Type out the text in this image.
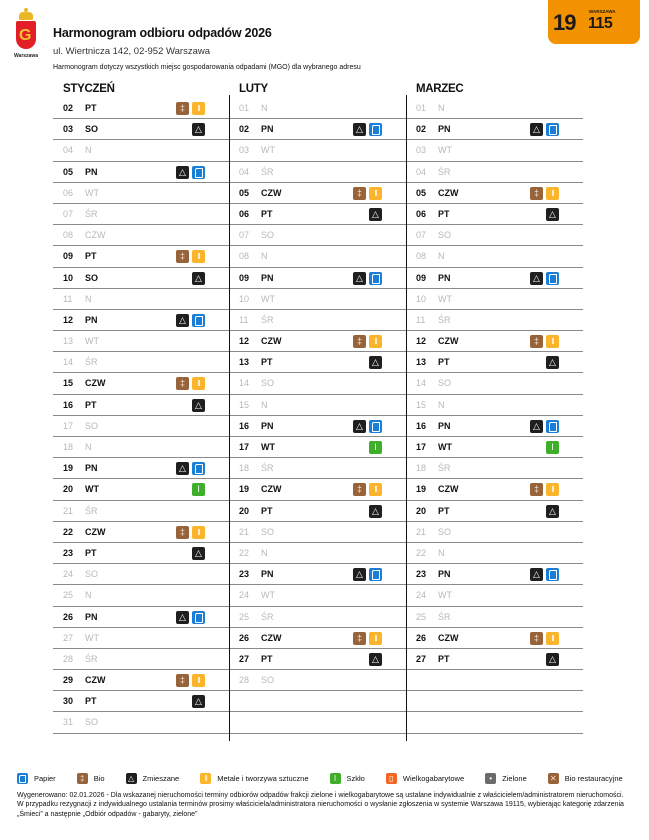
G
Warszawa
Harmonogram odbioru odpadów 2026
ul. Wiertnicza 142, 02-952 Warszawa
Harmonogram dotyczy wszystkich miejsc gospodarowania odpadami (MGO) dla wybranego adresu
19	WARSZAWA
115
STYCZEŃ
02	PT
‡
ǀǀ
03	SO
△
04	N
05	PN
△
06	WT
07	ŚR
08	CZW
09	PT
‡
ǀǀ
10	SO
△
11	N
12	PN
△
13	WT
14	ŚR
15	CZW
‡
ǀǀ
16	PT
△
17	SO
18	N
19	PN
△
20	WT
ǀ
21	ŚR
22	CZW
‡
ǀǀ
23	PT
△
24	SO
25	N
26	PN
△
27	WT
28	ŚR
29	CZW
‡
ǀǀ
30	PT
△
31	SO
LUTY
01	N
02	PN
△
03	WT
04	ŚR
05	CZW
‡
ǀǀ
06	PT
△
07	SO
08	N
09	PN
△
10	WT
11	ŚR
12	CZW
‡
ǀǀ
13	PT
△
14	SO
15	N
16	PN
△
17	WT
ǀ
18	ŚR
19	CZW
‡
ǀǀ
20	PT
△
21	SO
22	N
23	PN
△
24	WT
25	ŚR
26	CZW
‡
ǀǀ
27	PT
△
28	SO
MARZEC
01	N
02	PN
△
03	WT
04	ŚR
05	CZW
‡
ǀǀ
06	PT
△
07	SO
08	N
09	PN
△
10	WT
11	ŚR
12	CZW
‡
ǀǀ
13	PT
△
14	SO
15	N
16	PN
△
17	WT
ǀ
18	ŚR
19	CZW
‡
ǀǀ
20	PT
△
21	SO
22	N
23	PN
△
24	WT
25	ŚR
26	CZW
‡
ǀǀ
27	PT
△
Papier ‡	Bio △	Zmieszane ǀǀ	Metale i tworzywa sztuczne ǀ	Szkło ▯	Wielkogabarytowe •	Zielone ✕	Bio restauracyjne
Wygenerowano: 02.01.2026 - Dla wskazanej nieruchomości terminy odbiorów odpadów frakcji zielone i wielkogabarytowe są ustalane indywidualnie z właścicielem/administratorem nieruchomości. W przypadku rezygnacji z indywidualnego ustalania terminów prosimy właściciela/administratora nieruchomości o wysłanie zgłoszenia w systemie Warszawa 19115, wybierając kategorię zdarzenia „Śmieci” a następnie „Odbiór odpadów - gabaryty, zielone”
